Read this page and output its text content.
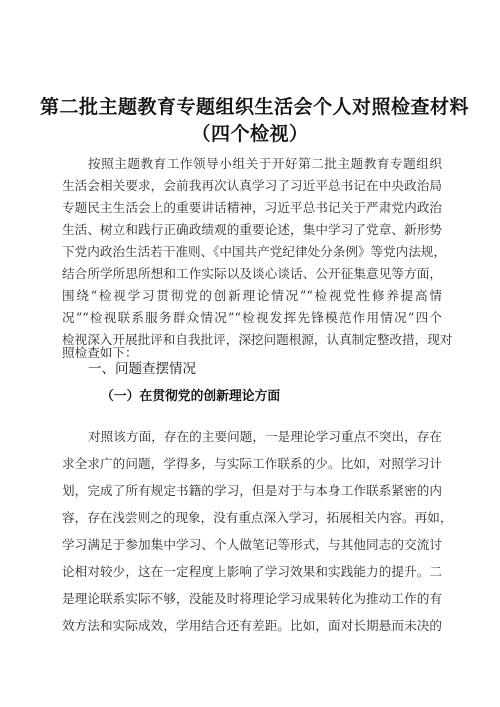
第二批主题教育专题组织生活会个人对照检查材料
（四个检视）
按照主题教育工作领导小组关于开好第二批主题教育专题组织
生活会相关要求，会前我再次认真学习了习近平总书记在中央政治局
专题民主生活会上的重要讲话精神，习近平总书记关于严肃党内政治
生活、树立和践行正确政绩观的重要论述，集中学习了党章、新形势
下党内政治生活若干准则、《中国共产党纪律处分条例》等党内法规，
结合所学所思所想和工作实际以及谈心谈话、公开征集意见等方面，
围绕“检视学习贯彻党的创新理论情况”“检视党性修养提高情
况”“检视联系服务群众情况”“检视发挥先锋模范作用情况”四个
检视深入开展批评和自我批评，深挖问题根源，认真制定整改措，现对
一、问题查摆情况
（一）在贯彻党的创新理论方面
对照该方面，存在的主要问题，一是理论学习重点不突出，存在
求全求广的问题，学得多，与实际工作联系的少。比如，对照学习计
划，完成了所有规定书籍的学习，但是对于与本身工作联系紧密的内
容，存在浅尝则之的现象，没有重点深入学习，拓展相关内容。再如，
学习满足于参加集中学习、个人做笔记等形式，与其他同志的交流讨
论相对较少，这在一定程度上影响了学习效果和实践能力的提升。二
是理论联系实际不够，没能及时将理论学习成果转化为推动工作的有
效方法和实际成效，学用结合还有差距。比如，面对长期悬而未决的
照检查如下：
